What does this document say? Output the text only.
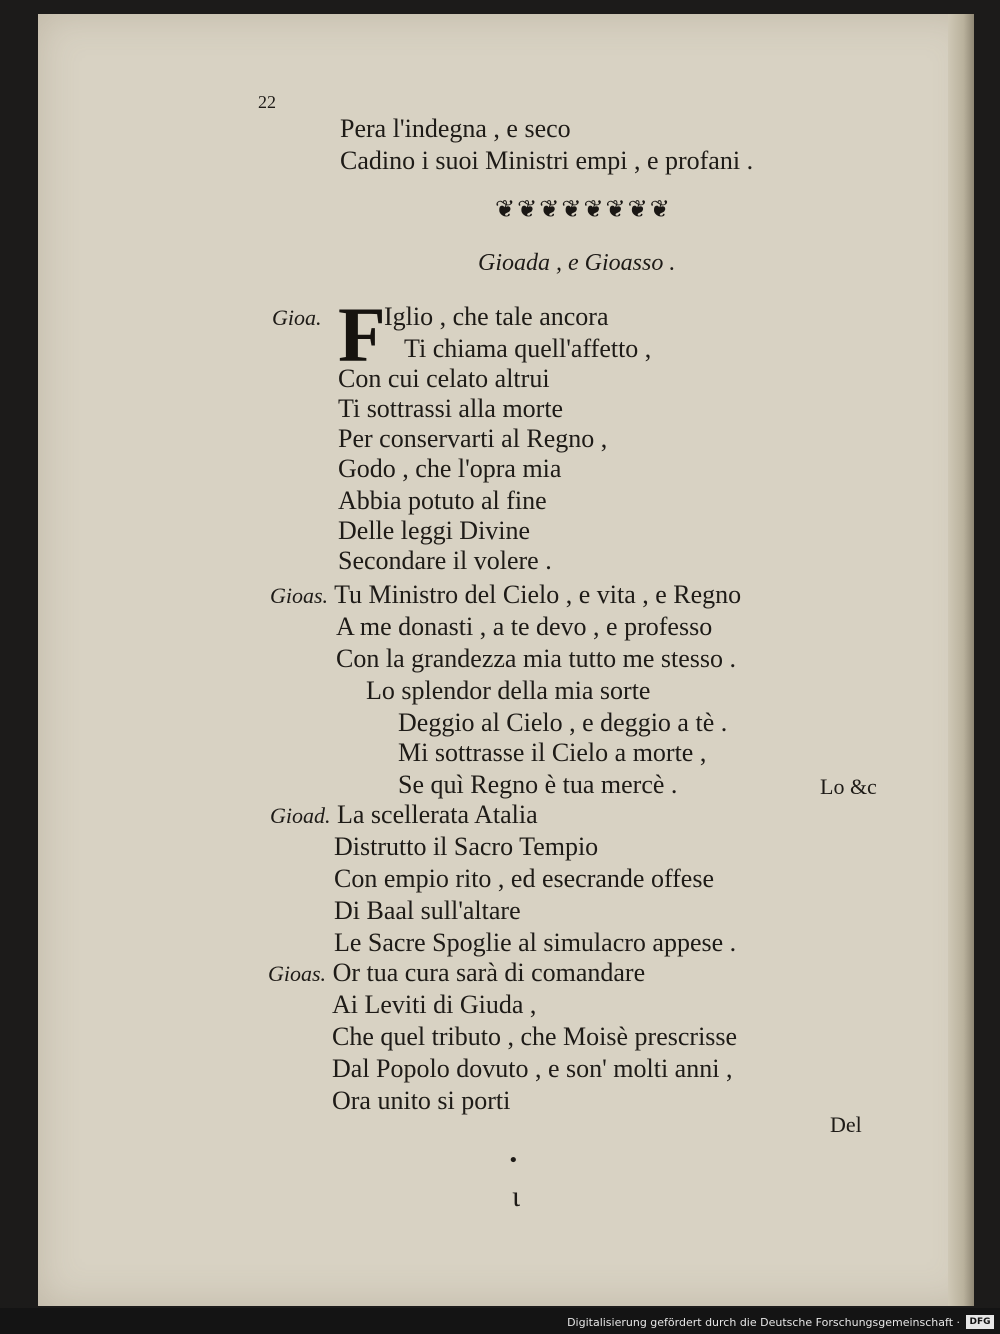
22
Pera l'indegna , e seco
Cadino i suoi Ministri empi , e profani .
❦❦❦❦❦❦❦❦
Gioada , e Gioasso .
F
Gioa. Iglio , che tale ancora
Ti chiama quell'affetto ,
Con cui celato altrui
Ti sottrassi alla morte
Per conservarti al Regno ,
Godo , che l'opra mia
Abbia potuto al fine
Delle leggi Divine
Secondare il volere .
Gioas. Tu Ministro del Cielo , e vita , e Regno
A me donasti , a te devo , e professo
Con la grandezza mia tutto me stesso .
Lo splendor della mia sorte
Deggio al Cielo , e deggio a tè .
Mi sottrasse il Cielo a morte ,
Se quì Regno è tua mercè .	Lo &c
Gioad. La scellerata Atalia
Distrutto il Sacro Tempio
Con empio rito , ed esecrande offese
Di Baal sull'altare
Le Sacre Spoglie al simulacro appese .
Gioas. Or tua cura sarà di comandare
Ai Leviti di Giuda ,
Che quel tributo , che Moisè prescrisse
Dal Popolo dovuto , e son' molti anni ,
Ora unito si porti
Del
•
ɩ
Digitalisierung gefördert durch die Deutsche Forschungsgemeinschaft ·	DFG
